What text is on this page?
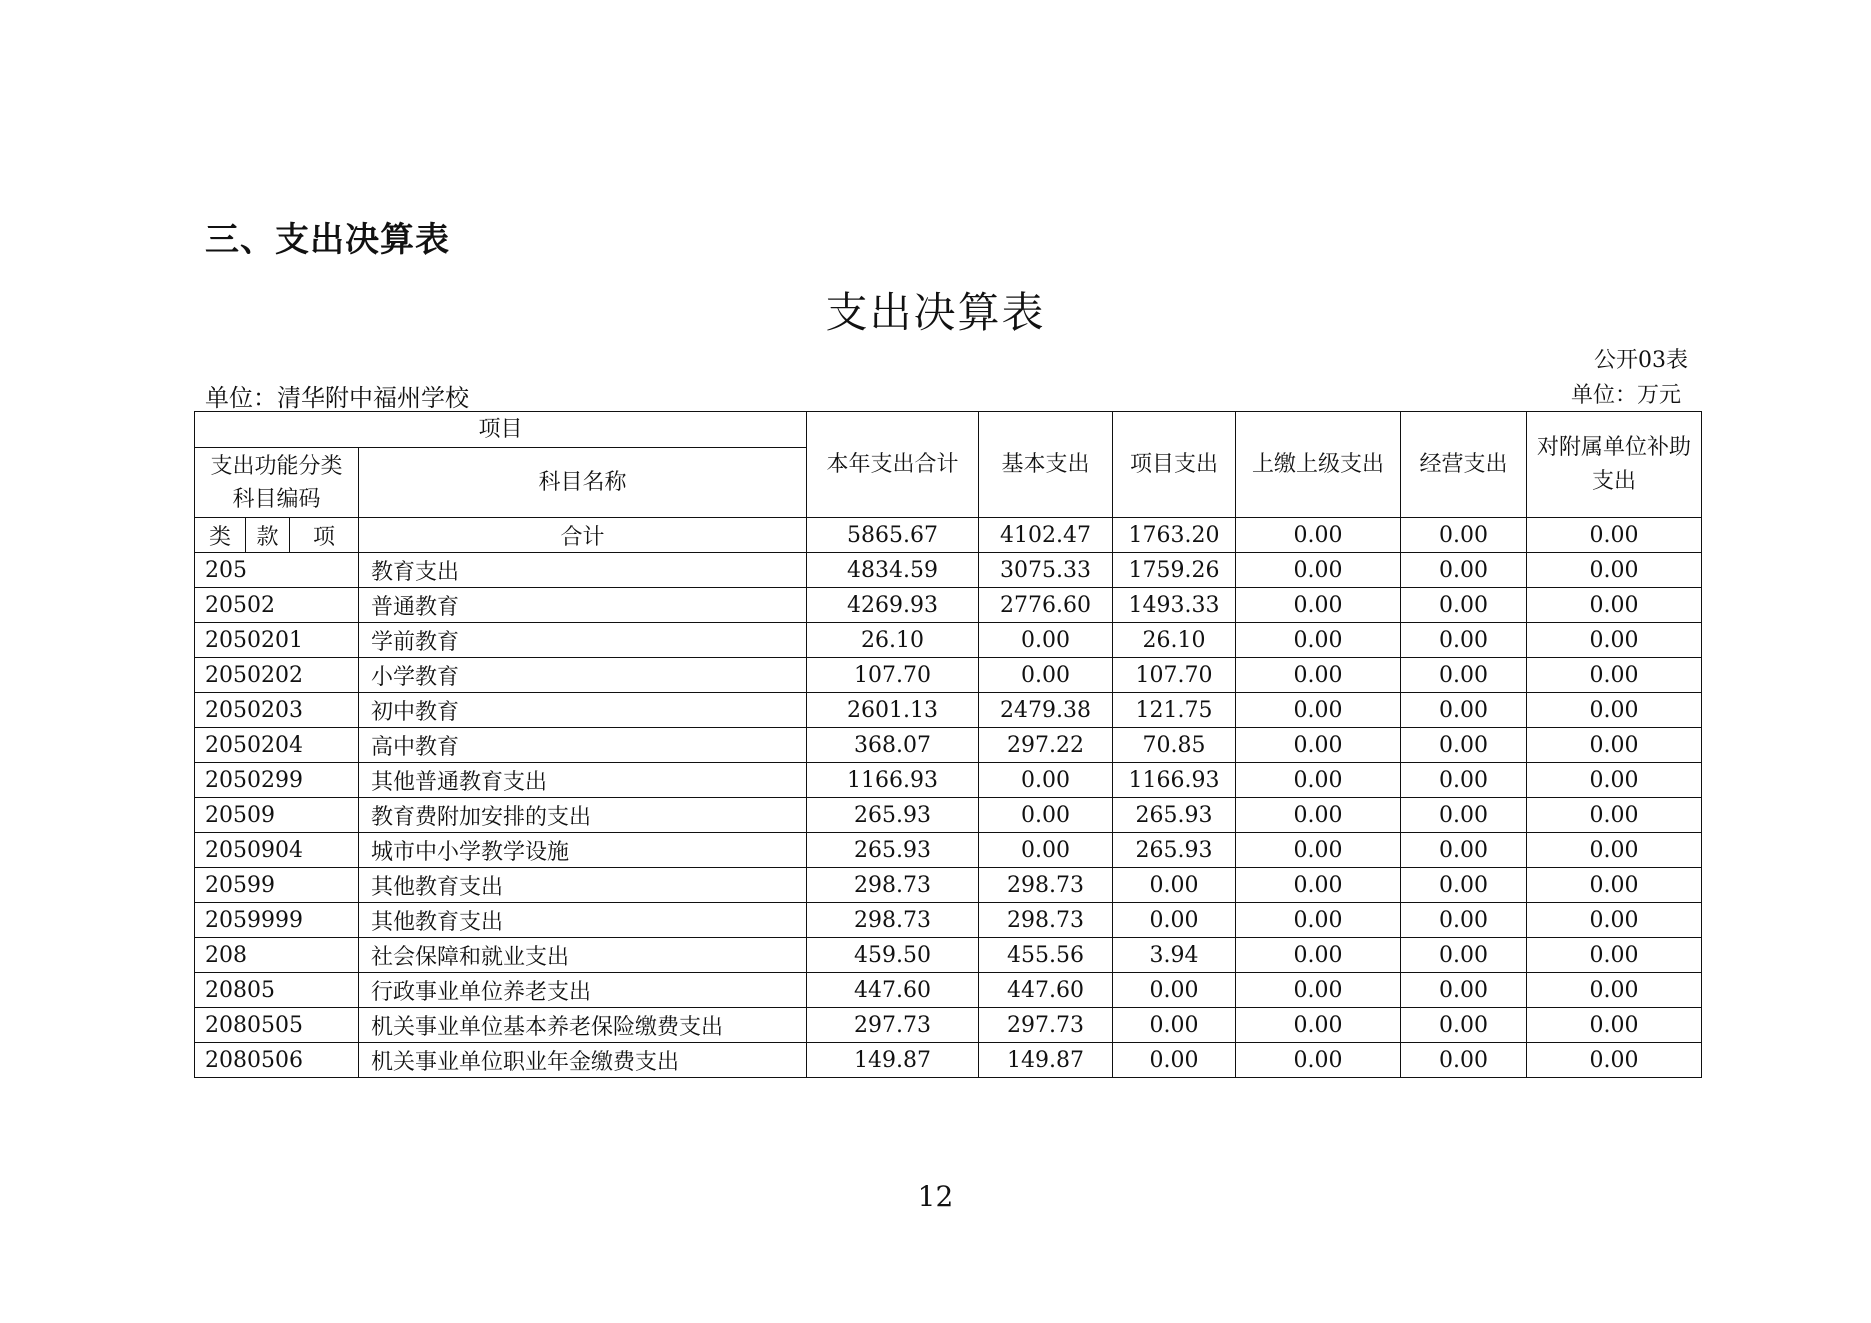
三、支出决算表
支出决算表
公开03表
单位：清华附中福州学校	单位：万元
项目				本年支出合计	基本支出	项目支出	上缴上级支出	经营支出	对附属单位补助支出
支出功能分类科目编码			科目名称						
类	款	项	合计	5865.67	4102.47	1763.20	0.00	0.00	0.00
205			教育支出	4834.59	3075.33	1759.26	0.00	0.00	0.00
20502			普通教育	4269.93	2776.60	1493.33	0.00	0.00	0.00
2050201			学前教育	26.10	0.00	26.10	0.00	0.00	0.00
2050202			小学教育	107.70	0.00	107.70	0.00	0.00	0.00
2050203			初中教育	2601.13	2479.38	121.75	0.00	0.00	0.00
2050204			高中教育	368.07	297.22	70.85	0.00	0.00	0.00
2050299			其他普通教育支出	1166.93	0.00	1166.93	0.00	0.00	0.00
20509			教育费附加安排的支出	265.93	0.00	265.93	0.00	0.00	0.00
2050904			城市中小学教学设施	265.93	0.00	265.93	0.00	0.00	0.00
20599			其他教育支出	298.73	298.73	0.00	0.00	0.00	0.00
2059999			其他教育支出	298.73	298.73	0.00	0.00	0.00	0.00
208			社会保障和就业支出	459.50	455.56	3.94	0.00	0.00	0.00
20805			行政事业单位养老支出	447.60	447.60	0.00	0.00	0.00	0.00
2080505			机关事业单位基本养老保险缴费支出	297.73	297.73	0.00	0.00	0.00	0.00
2080506			机关事业单位职业年金缴费支出	149.87	149.87	0.00	0.00	0.00	0.00
12
